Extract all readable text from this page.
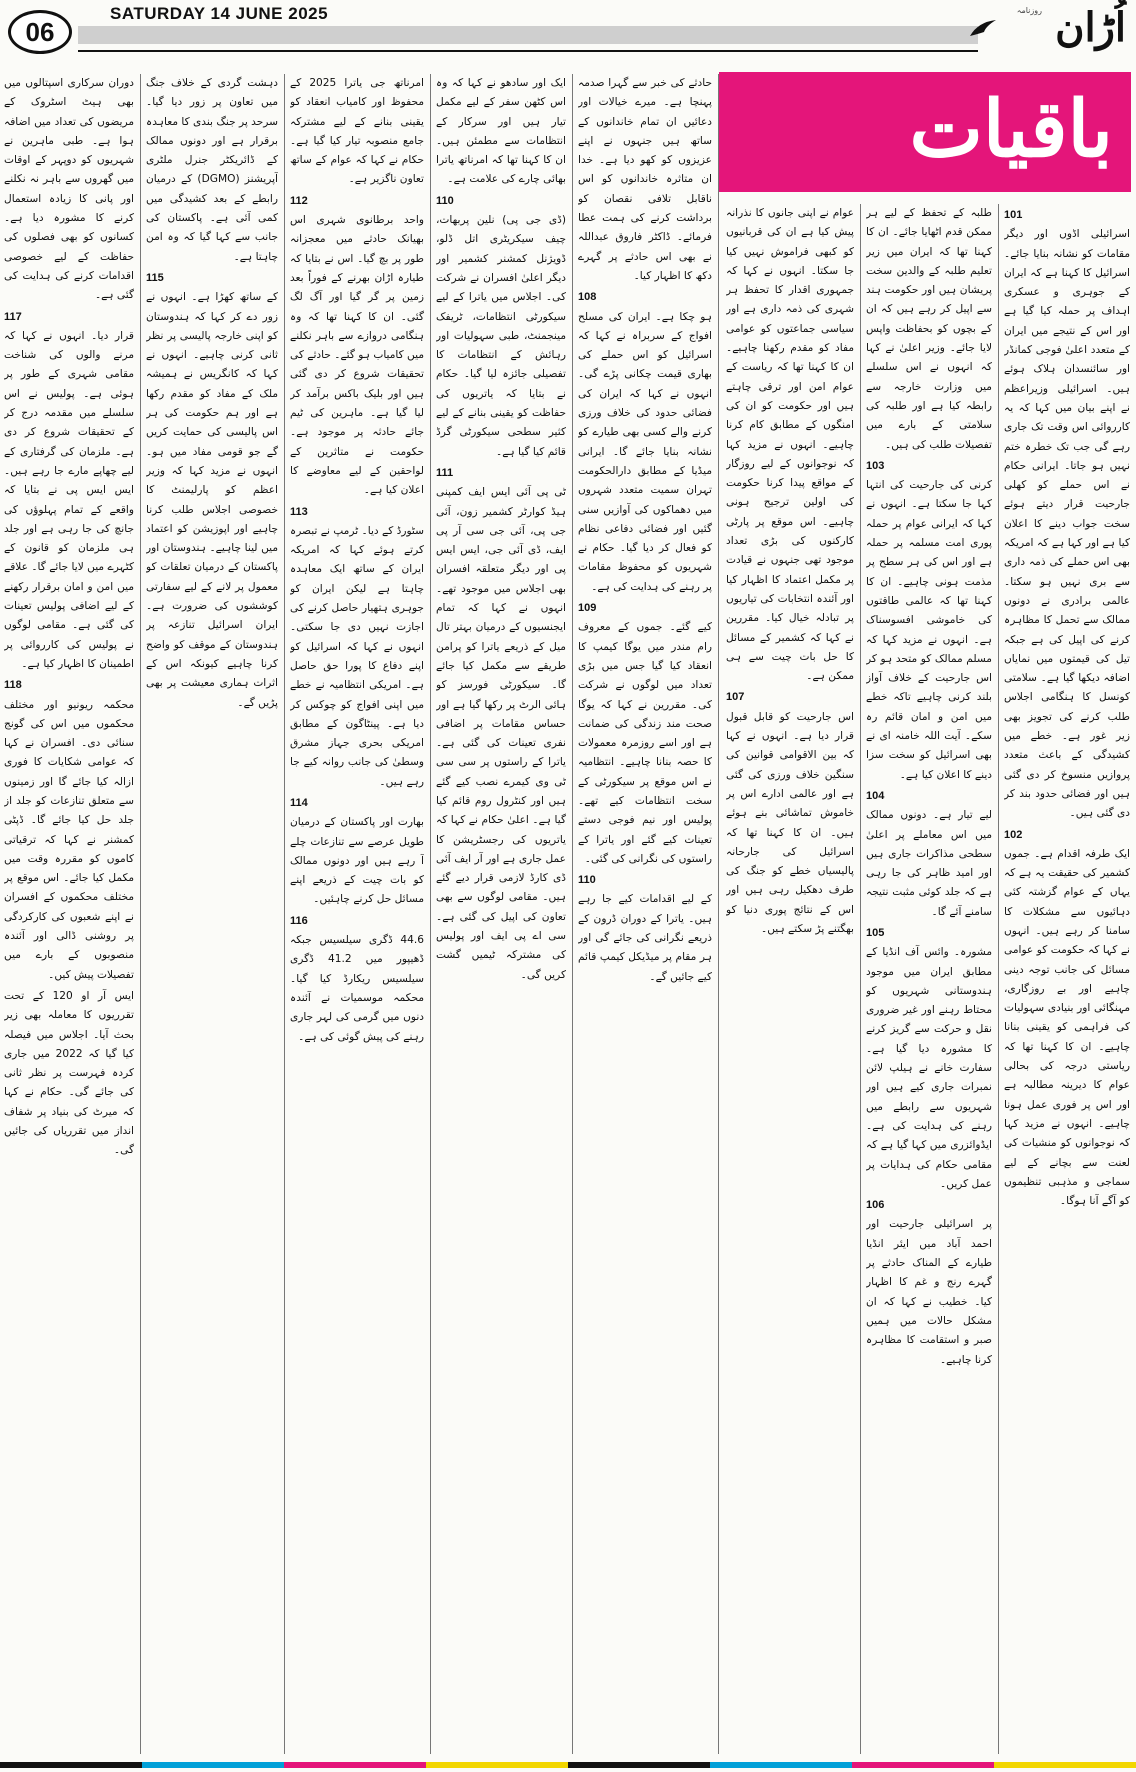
06
SATURDAY 14 JUNE 2025	روزنامہ اُڑان
باقیات
101

اسرائیلی اڈوں اور دیگر مقامات کو نشانہ بنایا جائے۔ اسرائیل کا کہنا ہے کہ ایران کے جوہری و عسکری اہداف پر حملہ کیا گیا ہے اور اس کے نتیجے میں ایران کے متعدد اعلیٰ فوجی کمانڈر اور سائنسدان ہلاک ہوئے ہیں۔ اسرائیلی وزیراعظم نے اپنے بیان میں کہا کہ یہ کارروائی اس وقت تک جاری رہے گی جب تک خطرہ ختم نہیں ہو جاتا۔ ایرانی حکام نے اس حملے کو کھلی جارحیت قرار دیتے ہوئے سخت جواب دینے کا اعلان کیا ہے اور کہا ہے کہ امریکہ بھی اس حملے کی ذمہ داری سے بری نہیں ہو سکتا۔ عالمی برادری نے دونوں ممالک سے تحمل کا مظاہرہ کرنے کی اپیل کی ہے جبکہ تیل کی قیمتوں میں نمایاں اضافہ دیکھا گیا ہے۔ سلامتی کونسل کا ہنگامی اجلاس طلب کرنے کی تجویز بھی زیر غور ہے۔ خطے میں کشیدگی کے باعث متعدد پروازیں منسوخ کر دی گئی ہیں اور فضائی حدود بند کر دی گئی ہیں۔

102

ایک طرفہ اقدام ہے۔ جموں کشمیر کی حقیقت یہ ہے کہ یہاں کے عوام گزشتہ کئی دہائیوں سے مشکلات کا سامنا کر رہے ہیں۔ انہوں نے کہا کہ حکومت کو عوامی مسائل کی جانب توجہ دینی چاہیے اور بے روزگاری، مہنگائی اور بنیادی سہولیات کی فراہمی کو یقینی بنانا چاہیے۔ ان کا کہنا تھا کہ ریاستی درجہ کی بحالی عوام کا دیرینہ مطالبہ ہے اور اس پر فوری عمل ہونا چاہیے۔ انہوں نے مزید کہا کہ نوجوانوں کو منشیات کی لعنت سے بچانے کے لیے سماجی و مذہبی تنظیموں کو آگے آنا ہوگا۔

طلبہ کے تحفظ کے لیے ہر ممکن قدم اٹھایا جائے۔ ان کا کہنا تھا کہ ایران میں زیر تعلیم طلبہ کے والدین سخت پریشان ہیں اور حکومت ہند سے اپیل کر رہے ہیں کہ ان کے بچوں کو بحفاظت واپس لایا جائے۔ وزیر اعلیٰ نے کہا کہ انہوں نے اس سلسلے میں وزارت خارجہ سے رابطہ کیا ہے اور طلبہ کی سلامتی کے بارے میں تفصیلات طلب کی ہیں۔

103

کرنی کی جارحیت کی انتہا کہا جا سکتا ہے۔ انہوں نے کہا کہ ایرانی عوام پر حملہ پوری امت مسلمہ پر حملہ ہے اور اس کی ہر سطح پر مذمت ہونی چاہیے۔ ان کا کہنا تھا کہ عالمی طاقتوں کی خاموشی افسوسناک ہے۔ انہوں نے مزید کہا کہ مسلم ممالک کو متحد ہو کر اس جارحیت کے خلاف آواز بلند کرنی چاہیے تاکہ خطے میں امن و امان قائم رہ سکے۔ آیت اللہ خامنہ ای نے بھی اسرائیل کو سخت سزا دینے کا اعلان کیا ہے۔

104

لیے تیار ہے۔ دونوں ممالک میں اس معاملے پر اعلیٰ سطحی مذاکرات جاری ہیں اور امید ظاہر کی جا رہی ہے کہ جلد کوئی مثبت نتیجہ سامنے آئے گا۔

105

مشورہ۔ وائس آف انڈیا کے مطابق ایران میں موجود ہندوستانی شہریوں کو محتاط رہنے اور غیر ضروری نقل و حرکت سے گریز کرنے کا مشورہ دیا گیا ہے۔ سفارت خانے نے ہیلپ لائن نمبرات جاری کیے ہیں اور شہریوں سے رابطے میں رہنے کی ہدایت کی ہے۔ ایڈوائزری میں کہا گیا ہے کہ مقامی حکام کی ہدایات پر عمل کریں۔

106

پر اسرائیلی جارحیت اور احمد آباد میں ایئر انڈیا طیارے کے المناک حادثے پر گہرے رنج و غم کا اظہار کیا۔ خطیب نے کہا کہ ان مشکل حالات میں ہمیں صبر و استقامت کا مظاہرہ کرنا چاہیے۔

عوام نے اپنی جانوں کا نذرانہ پیش کیا ہے ان کی قربانیوں کو کبھی فراموش نہیں کیا جا سکتا۔ انہوں نے کہا کہ جمہوری اقدار کا تحفظ ہر شہری کی ذمہ داری ہے اور سیاسی جماعتوں کو عوامی مفاد کو مقدم رکھنا چاہیے۔ ان کا کہنا تھا کہ ریاست کے عوام امن اور ترقی چاہتے ہیں اور حکومت کو ان کی امنگوں کے مطابق کام کرنا چاہیے۔ انہوں نے مزید کہا کہ نوجوانوں کے لیے روزگار کے مواقع پیدا کرنا حکومت کی اولین ترجیح ہونی چاہیے۔ اس موقع پر پارٹی کارکنوں کی بڑی تعداد موجود تھی جنہوں نے قیادت پر مکمل اعتماد کا اظہار کیا اور آئندہ انتخابات کی تیاریوں پر تبادلہ خیال کیا۔ مقررین نے کہا کہ کشمیر کے مسائل کا حل بات چیت سے ہی ممکن ہے۔

107

اس جارحیت کو قابل قبول قرار دیا ہے۔ انہوں نے کہا کہ بین الاقوامی قوانین کی سنگین خلاف ورزی کی گئی ہے اور عالمی ادارے اس پر خاموش تماشائی بنے ہوئے ہیں۔ ان کا کہنا تھا کہ اسرائیل کی جارحانہ پالیسیاں خطے کو جنگ کی طرف دھکیل رہی ہیں اور اس کے نتائج پوری دنیا کو بھگتنے پڑ سکتے ہیں۔

حادثے کی خبر سے گہرا صدمہ پہنچا ہے۔ میرے خیالات اور دعائیں ان تمام خاندانوں کے ساتھ ہیں جنہوں نے اپنے عزیزوں کو کھو دیا ہے۔ خدا ان متاثرہ خاندانوں کو اس ناقابل تلافی نقصان کو برداشت کرنے کی ہمت عطا فرمائے۔ ڈاکٹر فاروق عبداللہ نے بھی اس حادثے پر گہرے دکھ کا اظہار کیا۔

108

ہو چکا ہے۔ ایران کی مسلح افواج کے سربراہ نے کہا کہ اسرائیل کو اس حملے کی بھاری قیمت چکانی پڑے گی۔ انہوں نے کہا کہ ایران کی فضائی حدود کی خلاف ورزی کرنے والے کسی بھی طیارے کو نشانہ بنایا جائے گا۔ ایرانی میڈیا کے مطابق دارالحکومت تہران سمیت متعدد شہروں میں دھماکوں کی آوازیں سنی گئیں اور فضائی دفاعی نظام کو فعال کر دیا گیا۔ حکام نے شہریوں کو محفوظ مقامات پر رہنے کی ہدایت کی ہے۔

109

کیے گئے۔ جموں کے معروف رام مندر میں یوگا کیمپ کا انعقاد کیا گیا جس میں بڑی تعداد میں لوگوں نے شرکت کی۔ مقررین نے کہا کہ یوگا صحت مند زندگی کی ضمانت ہے اور اسے روزمرہ معمولات کا حصہ بنانا چاہیے۔ انتظامیہ نے اس موقع پر سیکورٹی کے سخت انتظامات کیے تھے۔ پولیس اور نیم فوجی دستے تعینات کیے گئے اور یاترا کے راستوں کی نگرانی کی گئی۔

110

کے لیے اقدامات کیے جا رہے ہیں۔ یاترا کے دوران ڈرون کے ذریعے نگرانی کی جائے گی اور ہر مقام پر میڈیکل کیمپ قائم کیے جائیں گے۔

ایک اور سادھو نے کہا کہ وہ اس کٹھن سفر کے لیے مکمل تیار ہیں اور سرکار کے انتظامات سے مطمئن ہیں۔ ان کا کہنا تھا کہ امرناتھ یاترا بھائی چارے کی علامت ہے۔

110

(ڈی جی پی) نلین پربھات، چیف سیکریٹری اتل ڈلو، ڈویژنل کمشنر کشمیر اور دیگر اعلیٰ افسران نے شرکت کی۔ اجلاس میں یاترا کے لیے سیکورٹی انتظامات، ٹریفک مینجمنٹ، طبی سہولیات اور رہائش کے انتظامات کا تفصیلی جائزہ لیا گیا۔ حکام نے بتایا کہ یاتریوں کی حفاظت کو یقینی بنانے کے لیے کثیر سطحی سیکورٹی گرڈ قائم کیا گیا ہے۔

111

ٹی پی آئی ایس ایف کمپنی ہیڈ کوارٹر کشمیر زون، آئی جی پی، آئی جی سی آر پی ایف، ڈی آئی جی، ایس ایس پی اور دیگر متعلقہ افسران بھی اجلاس میں موجود تھے۔ انہوں نے کہا کہ تمام ایجنسیوں کے درمیان بہتر تال میل کے ذریعے یاترا کو پرامن طریقے سے مکمل کیا جائے گا۔ سیکورٹی فورسز کو ہائی الرٹ پر رکھا گیا ہے اور حساس مقامات پر اضافی نفری تعینات کی گئی ہے۔ یاترا کے راستوں پر سی سی ٹی وی کیمرے نصب کیے گئے ہیں اور کنٹرول روم قائم کیا گیا ہے۔ اعلیٰ حکام نے کہا کہ یاتریوں کی رجسٹریشن کا عمل جاری ہے اور آر ایف آئی ڈی کارڈ لازمی قرار دیے گئے ہیں۔ مقامی لوگوں سے بھی تعاون کی اپیل کی گئی ہے۔ سی اے پی ایف اور پولیس کی مشترکہ ٹیمیں گشت کریں گی۔

امرناتھ جی یاترا 2025 کے محفوظ اور کامیاب انعقاد کو یقینی بنانے کے لیے مشترکہ جامع منصوبہ تیار کیا گیا ہے۔ حکام نے کہا کہ عوام کے ساتھ تعاون ناگزیر ہے۔

112

واحد برطانوی شہری اس بھیانک حادثے میں معجزانہ طور پر بچ گیا۔ اس نے بتایا کہ طیارہ اڑان بھرنے کے فوراً بعد زمین پر گر گیا اور آگ لگ گئی۔ ان کا کہنا تھا کہ وہ ہنگامی دروازے سے باہر نکلنے میں کامیاب ہو گئے۔ حادثے کی تحقیقات شروع کر دی گئی ہیں اور بلیک باکس برآمد کر لیا گیا ہے۔ ماہرین کی ٹیم جائے حادثہ پر موجود ہے۔ حکومت نے متاثرین کے لواحقین کے لیے معاوضے کا اعلان کیا ہے۔

113

سٹورڈ کے دیا۔ ٹرمپ نے تبصرہ کرتے ہوئے کہا کہ امریکہ ایران کے ساتھ ایک معاہدہ چاہتا ہے لیکن ایران کو جوہری ہتھیار حاصل کرنے کی اجازت نہیں دی جا سکتی۔ انہوں نے کہا کہ اسرائیل کو اپنے دفاع کا پورا حق حاصل ہے۔ امریکی انتظامیہ نے خطے میں اپنی افواج کو چوکس کر دیا ہے۔ پینٹاگون کے مطابق امریکی بحری جہاز مشرق وسطیٰ کی جانب روانہ کیے جا رہے ہیں۔

114

بھارت اور پاکستان کے درمیان طویل عرصے سے تنازعات چلے آ رہے ہیں اور دونوں ممالک کو بات چیت کے ذریعے اپنے مسائل حل کرنے چاہئیں۔

116

44.6 ڈگری سیلسیس جبکہ ڈھیپور میں 41.2 ڈگری سیلسیس ریکارڈ کیا گیا۔ محکمہ موسمیات نے آئندہ دنوں میں گرمی کی لہر جاری رہنے کی پیش گوئی کی ہے۔

دہشت گردی کے خلاف جنگ میں تعاون پر زور دیا گیا۔ سرحد پر جنگ بندی کا معاہدہ برقرار ہے اور دونوں ممالک کے ڈائریکٹر جنرل ملٹری آپریشنز (DGMO) کے درمیان رابطے کے بعد کشیدگی میں کمی آئی ہے۔ پاکستان کی جانب سے کہا گیا کہ وہ امن چاہتا ہے۔

115

کے ساتھ کھڑا ہے۔ انہوں نے زور دے کر کہا کہ ہندوستان کو اپنی خارجہ پالیسی پر نظر ثانی کرنی چاہیے۔ انہوں نے کہا کہ کانگریس نے ہمیشہ ملک کے مفاد کو مقدم رکھا ہے اور ہم حکومت کی ہر اس پالیسی کی حمایت کریں گے جو قومی مفاد میں ہو۔ انہوں نے مزید کہا کہ وزیر اعظم کو پارلیمنٹ کا خصوصی اجلاس طلب کرنا چاہیے اور اپوزیشن کو اعتماد میں لینا چاہیے۔ ہندوستان اور پاکستان کے درمیان تعلقات کو معمول پر لانے کے لیے سفارتی کوششوں کی ضرورت ہے۔ ایران اسرائیل تنازعہ پر ہندوستان کے موقف کو واضح کرنا چاہیے کیونکہ اس کے اثرات ہماری معیشت پر بھی پڑیں گے۔

دوران سرکاری اسپتالوں میں بھی ہیٹ اسٹروک کے مریضوں کی تعداد میں اضافہ ہوا ہے۔ طبی ماہرین نے شہریوں کو دوپہر کے اوقات میں گھروں سے باہر نہ نکلنے اور پانی کا زیادہ استعمال کرنے کا مشورہ دیا ہے۔ کسانوں کو بھی فصلوں کی حفاظت کے لیے خصوصی اقدامات کرنے کی ہدایت کی گئی ہے۔

117

قرار دیا۔ انہوں نے کہا کہ مرنے والوں کی شناخت مقامی شہری کے طور پر ہوئی ہے۔ پولیس نے اس سلسلے میں مقدمہ درج کر کے تحقیقات شروع کر دی ہے۔ ملزمان کی گرفتاری کے لیے چھاپے مارے جا رہے ہیں۔ ایس ایس پی نے بتایا کہ واقعے کے تمام پہلوؤں کی جانچ کی جا رہی ہے اور جلد ہی ملزمان کو قانون کے کٹہرے میں لایا جائے گا۔ علاقے میں امن و امان برقرار رکھنے کے لیے اضافی پولیس تعینات کی گئی ہے۔ مقامی لوگوں نے پولیس کی کارروائی پر اطمینان کا اظہار کیا ہے۔

118

محکمہ ریونیو اور مختلف محکموں میں اس کی گونج سنائی دی۔ افسران نے کہا کہ عوامی شکایات کا فوری ازالہ کیا جائے گا اور زمینوں سے متعلق تنازعات کو جلد از جلد حل کیا جائے گا۔ ڈپٹی کمشنر نے کہا کہ ترقیاتی کاموں کو مقررہ وقت میں مکمل کیا جائے۔ اس موقع پر مختلف محکموں کے افسران نے اپنے شعبوں کی کارکردگی پر روشنی ڈالی اور آئندہ منصوبوں کے بارے میں تفصیلات پیش کیں۔

ایس آر او 120 کے تحت تقرریوں کا معاملہ بھی زیر بحث آیا۔ اجلاس میں فیصلہ کیا گیا کہ 2022 میں جاری کردہ فہرست پر نظر ثانی کی جائے گی۔ حکام نے کہا کہ میرٹ کی بنیاد پر شفاف انداز میں تقرریاں کی جائیں گی۔
